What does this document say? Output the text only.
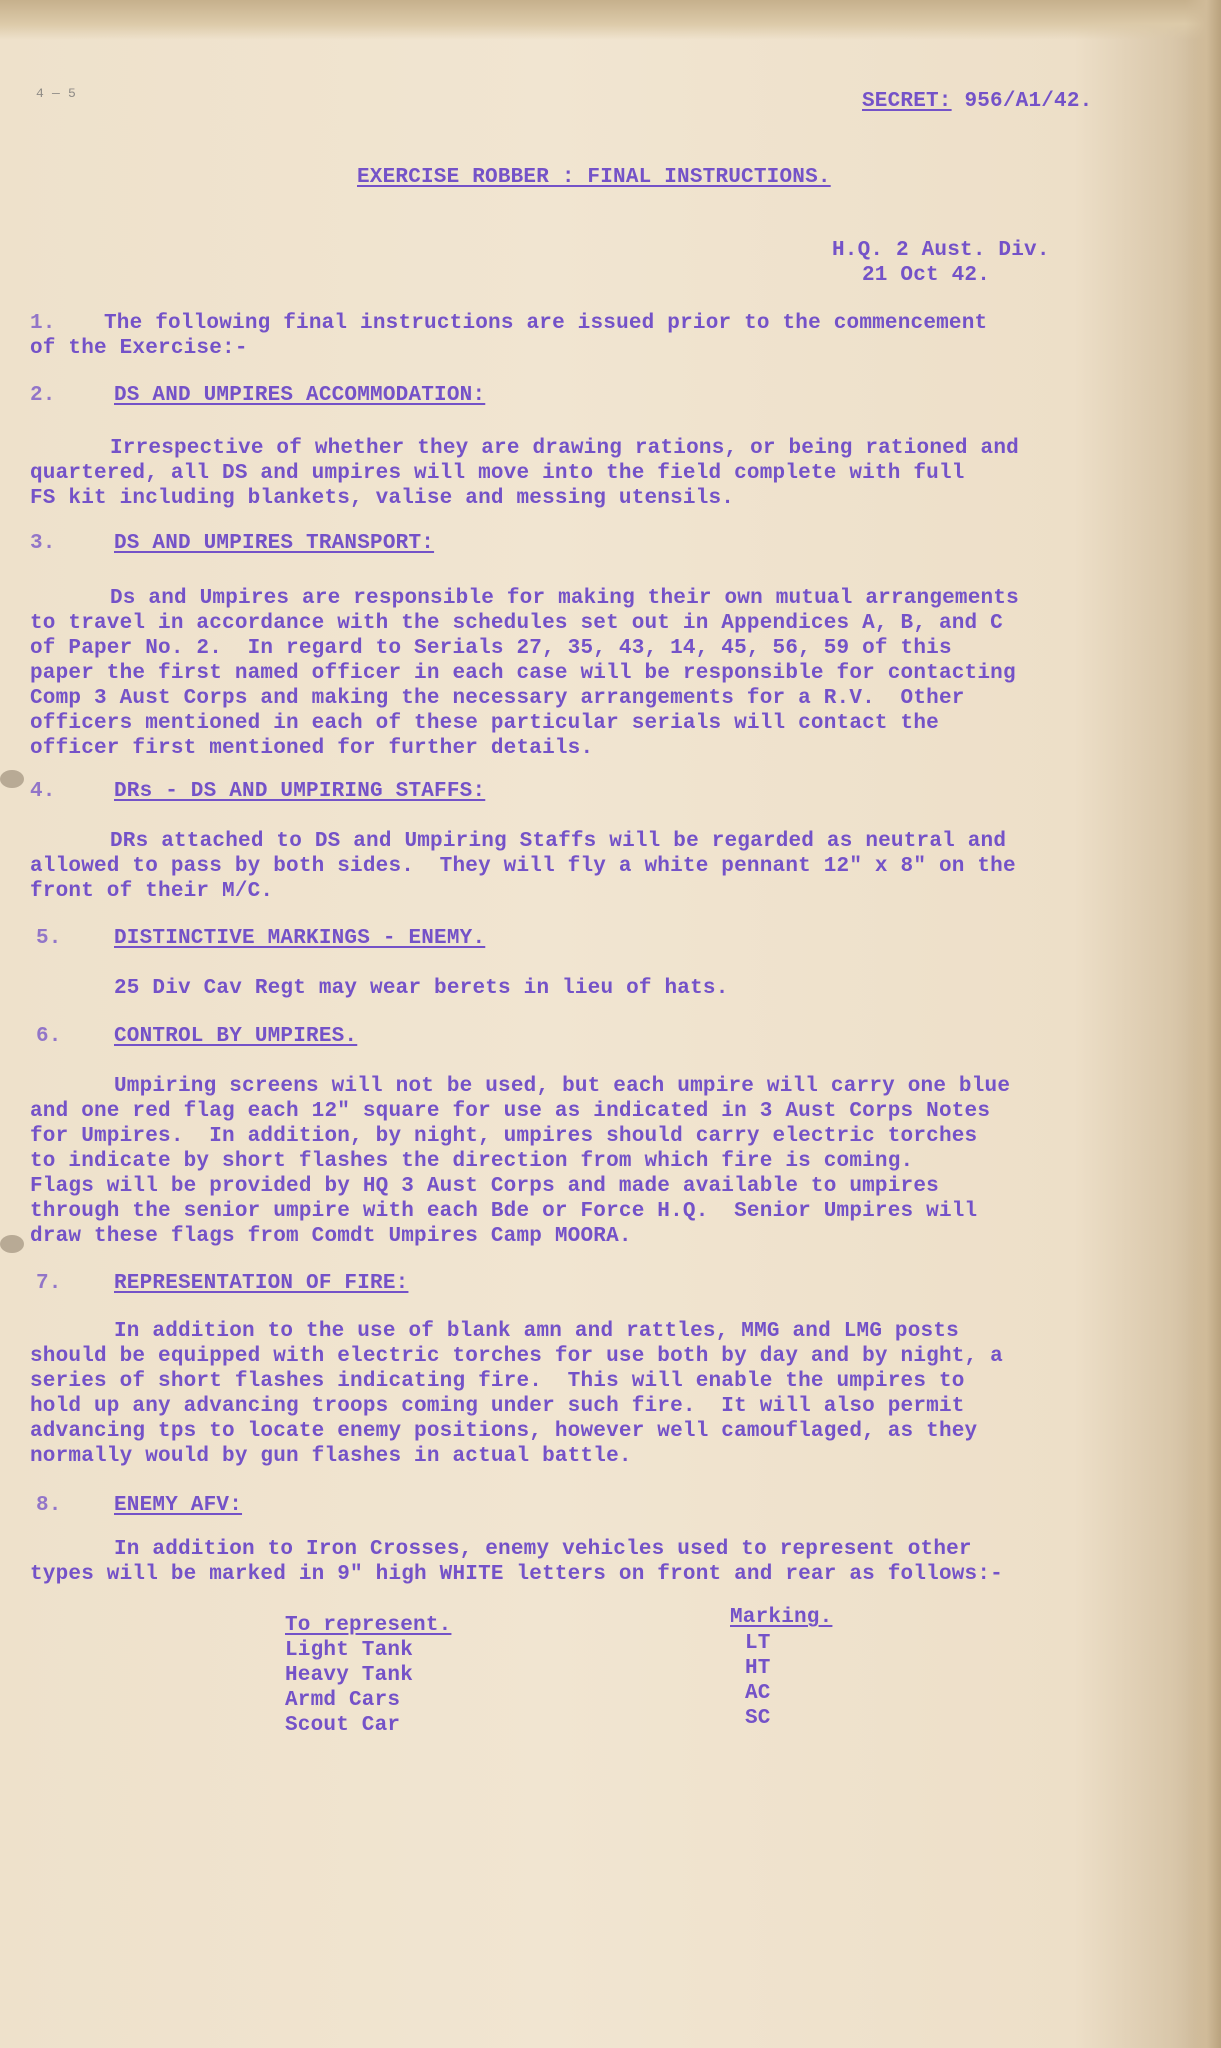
4 — 5	SECRET: 956/A1/42.
EXERCISE ROBBER : FINAL INSTRUCTIONS.
H.Q. 2 Aust. Div.
21 Oct 42.
1. The following final instructions are issued prior to the commencement
of the Exercise:-
2.	DS AND UMPIRES ACCOMMODATION:
Irrespective of whether they are drawing rations, or being rationed and
quartered, all DS and umpires will move into the field complete with full
FS kit including blankets, valise and messing utensils.
3.	DS AND UMPIRES TRANSPORT:
Ds and Umpires are responsible for making their own mutual arrangements
to travel in accordance with the schedules set out in Appendices A, B, and C
of Paper No. 2.  In regard to Serials 27, 35, 43, 14, 45, 56, 59 of this
paper the first named officer in each case will be responsible for contacting
Comp 3 Aust Corps and making the necessary arrangements for a R.V.  Other
officers mentioned in each of these particular serials will contact the
officer first mentioned for further details.
4.	DRs - DS AND UMPIRING STAFFS:
DRs attached to DS and Umpiring Staffs will be regarded as neutral and
allowed to pass by both sides.  They will fly a white pennant 12" x 8" on the
front of their M/C.
5. DISTINCTIVE MARKINGS - ENEMY.
25 Div Cav Regt may wear berets in lieu of hats.
6. CONTROL BY UMPIRES.
Umpiring screens will not be used, but each umpire will carry one blue
and one red flag each 12" square for use as indicated in 3 Aust Corps Notes
for Umpires.  In addition, by night, umpires should carry electric torches
to indicate by short flashes the direction from which fire is coming.
Flags will be provided by HQ 3 Aust Corps and made available to umpires
through the senior umpire with each Bde or Force H.Q.  Senior Umpires will
draw these flags from Comdt Umpires Camp MOORA.
7. REPRESENTATION OF FIRE:
In addition to the use of blank amn and rattles, MMG and LMG posts
should be equipped with electric torches for use both by day and by night, a
series of short flashes indicating fire.  This will enable the umpires to
hold up any advancing troops coming under such fire.  It will also permit
advancing tps to locate enemy positions, however well camouflaged, as they
normally would by gun flashes in actual battle.
8. ENEMY AFV:
In addition to Iron Crosses, enemy vehicles used to represent other
types will be marked in 9" high WHITE letters on front and rear as follows:-
To represent.	Marking.
Light Tank	LT
Heavy Tank	HT
Armd Cars	AC
Scout Car	SC
